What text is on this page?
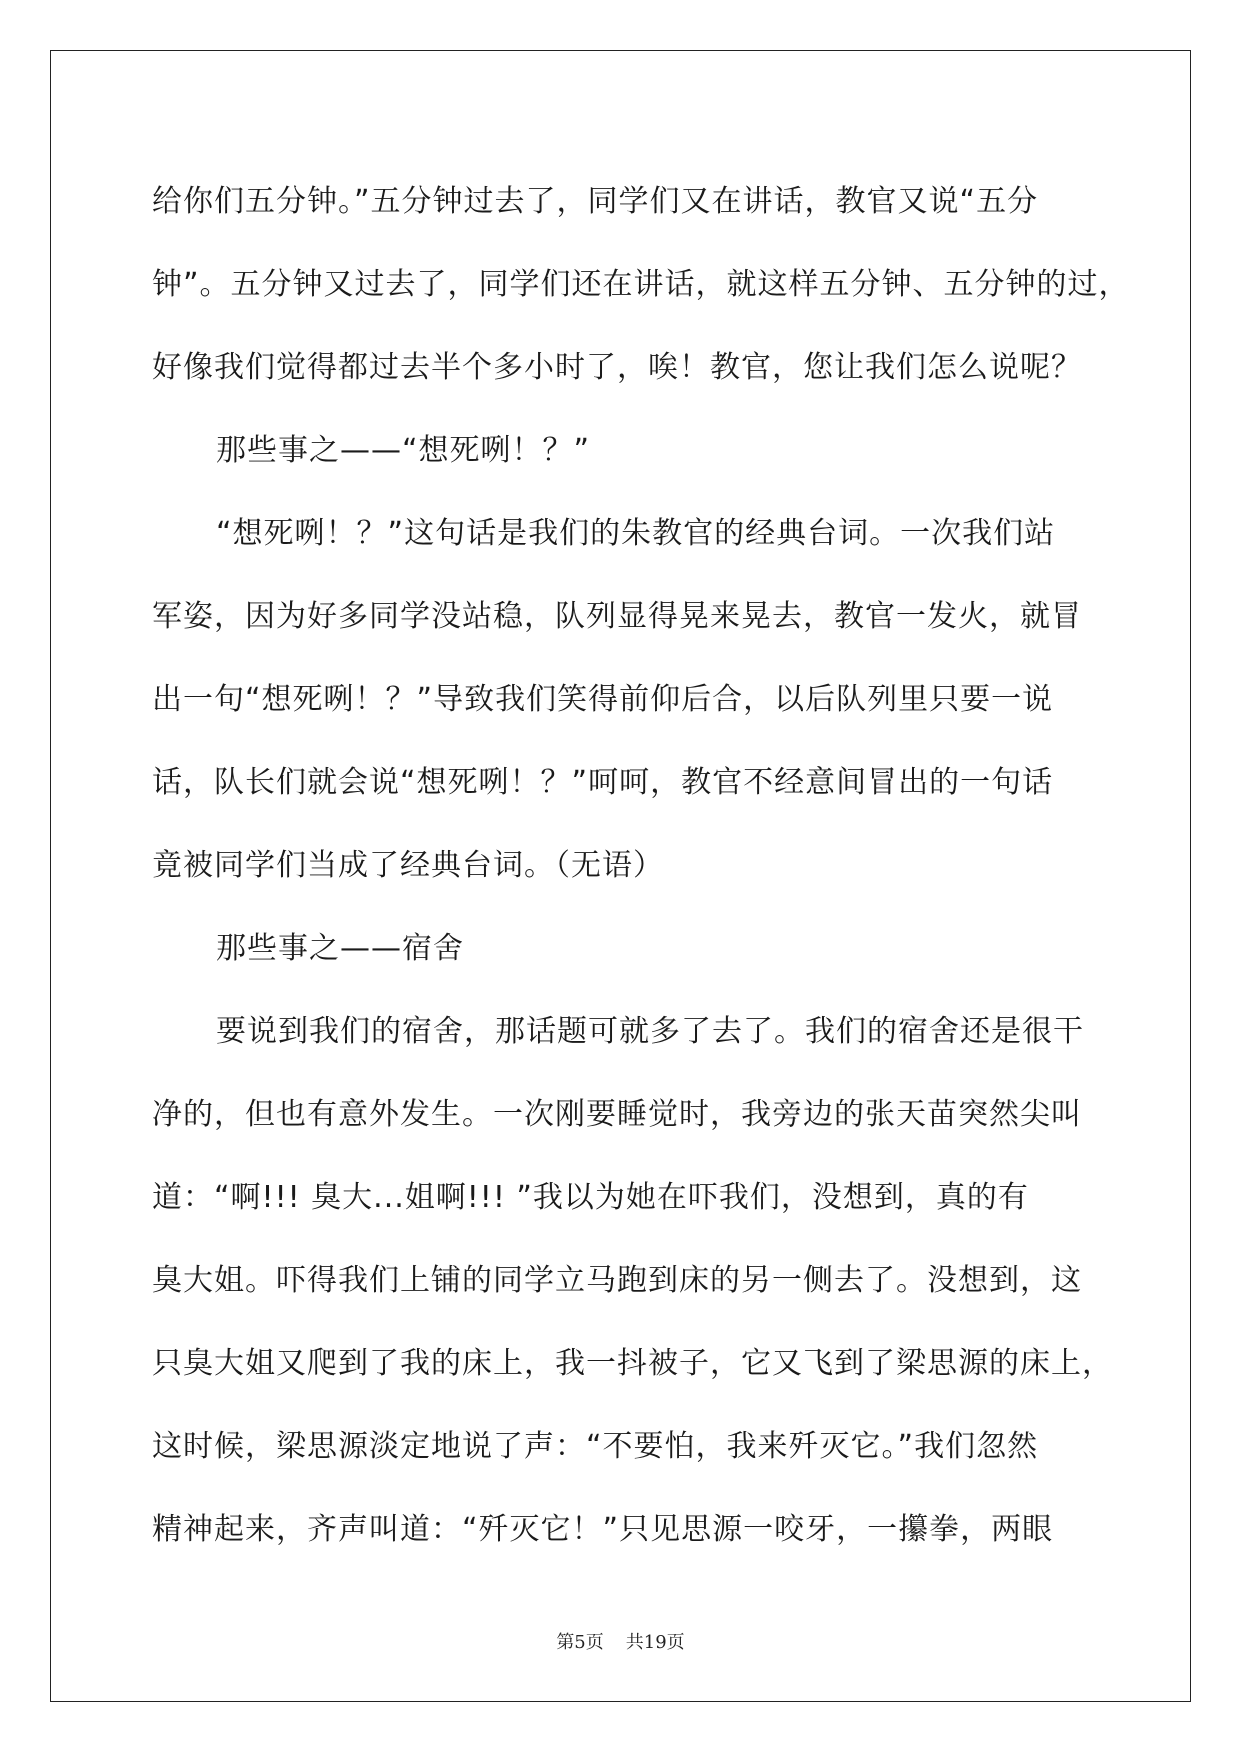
给你们五分钟。”五分钟过去了，同学们又在讲话，教官又说“五分
钟”。五分钟又过去了，同学们还在讲话，就这样五分钟、五分钟的过，
好像我们觉得都过去半个多小时了，唉！教官，您让我们怎么说呢？
那些事之——“想死咧！？”
“想死咧！？”这句话是我们的朱教官的经典台词。一次我们站
军姿，因为好多同学没站稳，队列显得晃来晃去，教官一发火，就冒
出一句“想死咧！？”导致我们笑得前仰后合，以后队列里只要一说
话，队长们就会说“想死咧！？”呵呵，教官不经意间冒出的一句话
竟被同学们当成了经典台词。（无语）
那些事之——宿舍
要说到我们的宿舍，那话题可就多了去了。我们的宿舍还是很干
净的，但也有意外发生。一次刚要睡觉时，我旁边的张天苗突然尖叫
道：“啊!!! 臭大...姐啊!!! ”我以为她在吓我们，没想到，真的有
臭大姐。吓得我们上铺的同学立马跑到床的另一侧去了。没想到，这
只臭大姐又爬到了我的床上，我一抖被子，它又飞到了梁思源的床上，
这时候，梁思源淡定地说了声：“不要怕，我来歼灭它。”我们忽然
精神起来，齐声叫道：“歼灭它！”只见思源一咬牙，一攥拳，两眼
第5页 共19页
